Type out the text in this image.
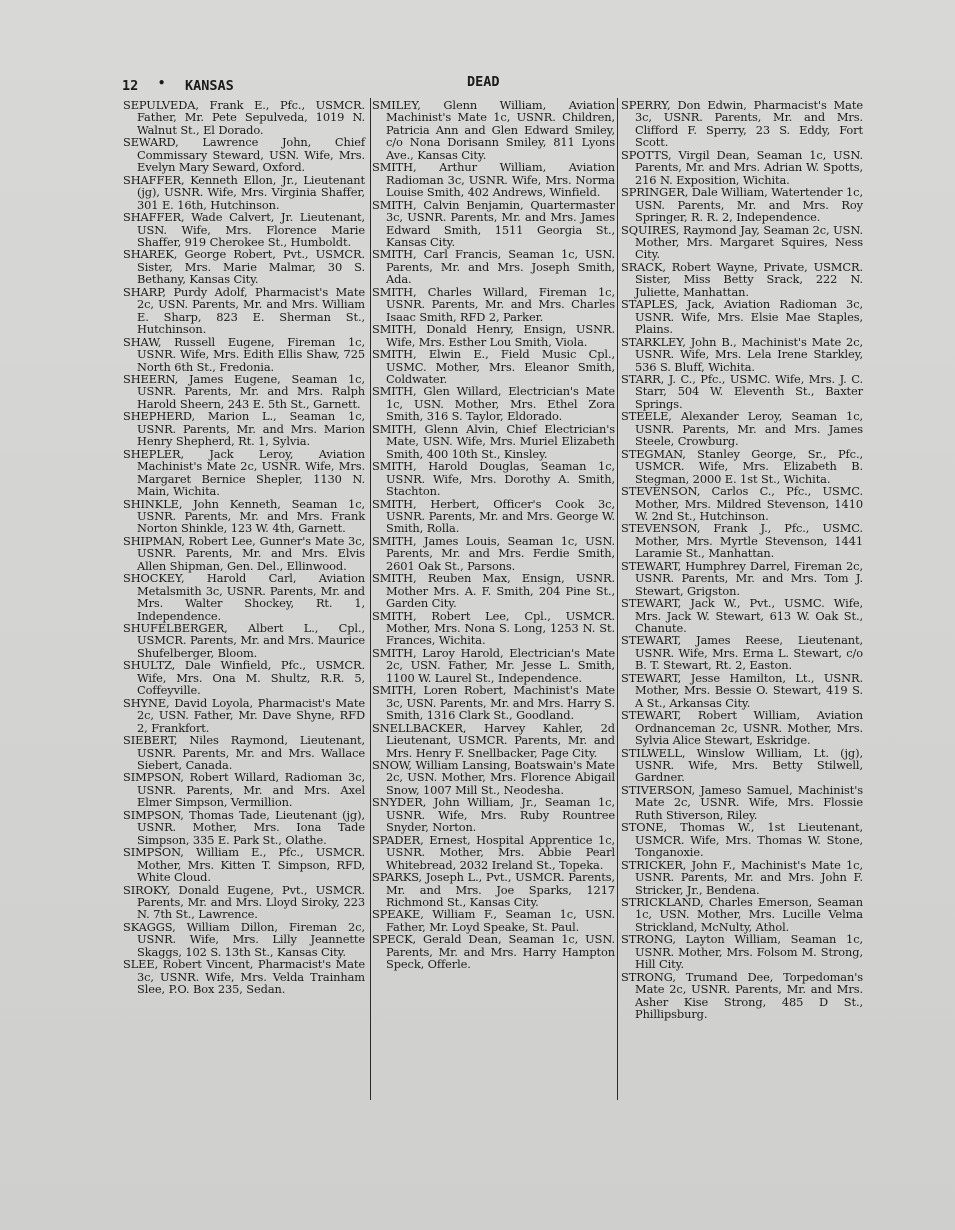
12 • KANSAS	DEAD

SEPULVEDA, Frank E., Pfc., USMCR. Father, Mr. Pete Sepulveda, 1019 N. Walnut St., El Dorado.

SEWARD, Lawrence John, Chief Commissary Steward, USN. Wife, Mrs. Evelyn Mary Seward, Oxford.

SHAFFER, Kenneth Ellon, Jr., Lieutenant (jg), USNR. Wife, Mrs. Virginia Shaffer, 301 E. 16th, Hutchinson.

SHAFFER, Wade Calvert, Jr. Lieutenant, USN. Wife, Mrs. Florence Marie Shaffer, 919 Cherokee St., Humboldt.

SHAREK, George Robert, Pvt., USMCR. Sister, Mrs. Marie Malmar, 30 S. Bethany, Kansas City.

SHARP, Purdy Adolf, Pharmacist's Mate 2c, USN. Parents, Mr. and Mrs. William E. Sharp, 823 E. Sherman St., Hutchinson.

SHAW, Russell Eugene, Fireman 1c, USNR. Wife, Mrs. Edith Ellis Shaw, 725 North 6th St., Fredonia.

SHEERN, James Eugene, Seaman 1c, USNR. Parents, Mr. and Mrs. Ralph Harold Sheern, 243 E. 5th St., Garnett.

SHEPHERD, Marion L., Seaman 1c, USNR. Parents, Mr. and Mrs. Marion Henry Shepherd, Rt. 1, Sylvia.

SHEPLER, Jack Leroy, Aviation Machinist's Mate 2c, USNR. Wife, Mrs. Margaret Bernice Shepler, 1130 N. Main, Wichita.

SHINKLE, John Kenneth, Seaman 1c, USNR. Parents, Mr. and Mrs. Frank Norton Shinkle, 123 W. 4th, Garnett.

SHIPMAN, Robert Lee, Gunner's Mate 3c, USNR. Parents, Mr. and Mrs. Elvis Allen Shipman, Gen. Del., Ellinwood.

SHOCKEY, Harold Carl, Aviation Metalsmith 3c, USNR. Parents, Mr. and Mrs. Walter Shockey, Rt. 1, Independence.

SHUFELBERGER, Albert L., Cpl., USMCR. Parents, Mr. and Mrs. Maurice Shufelberger, Bloom.

SHULTZ, Dale Winfield, Pfc., USMCR. Wife, Mrs. Ona M. Shultz, R.R. 5, Coffeyville.

SHYNE, David Loyola, Pharmacist's Mate 2c, USN. Father, Mr. Dave Shyne, RFD 2, Frankfort.

SIEBERT, Niles Raymond, Lieutenant, USNR. Parents, Mr. and Mrs. Wallace Siebert, Canada.

SIMPSON, Robert Willard, Radioman 3c, USNR. Parents, Mr. and Mrs. Axel Elmer Simpson, Vermillion.

SIMPSON, Thomas Tade, Lieutenant (jg), USNR. Mother, Mrs. Iona Tade Simpson, 335 E. Park St., Olathe.

SIMPSON, William E., Pfc., USMCR. Mother, Mrs. Kitten T. Simpson, RFD, White Cloud.

SIROKY, Donald Eugene, Pvt., USMCR. Parents, Mr. and Mrs. Lloyd Siroky, 223 N. 7th St., Lawrence.

SKAGGS, William Dillon, Fireman 2c, USNR. Wife, Mrs. Lilly Jeannette Skaggs, 102 S. 13th St., Kansas City.

SLEE, Robert Vincent, Pharmacist's Mate 3c, USNR. Wife, Mrs. Velda Trainham Slee, P.O. Box 235, Sedan.

SMILEY, Glenn William, Aviation Machinist's Mate 1c, USNR. Children, Patricia Ann and Glen Edward Smiley, c/o Nona Dorisann Smiley, 811 Lyons Ave., Kansas City.

SMITH, Arthur William, Aviation Radioman 3c, USNR. Wife, Mrs. Norma Louise Smith, 402 Andrews, Winfield.

SMITH, Calvin Benjamin, Quartermaster 3c, USNR. Parents, Mr. and Mrs. James Edward Smith, 1511 Georgia St., Kansas City.

SMITH, Carl Francis, Seaman 1c, USN. Parents, Mr. and Mrs. Joseph Smith, Ada.

SMITH, Charles Willard, Fireman 1c, USNR. Parents, Mr. and Mrs. Charles Isaac Smith, RFD 2, Parker.

SMITH, Donald Henry, Ensign, USNR. Wife, Mrs. Esther Lou Smith, Viola.

SMITH, Elwin E., Field Music Cpl., USMC. Mother, Mrs. Eleanor Smith, Coldwater.

SMITH, Glen Willard, Electrician's Mate 1c, USN. Mother, Mrs. Ethel Zora Smith, 316 S. Taylor, Eldorado.

SMITH, Glenn Alvin, Chief Electrician's Mate, USN. Wife, Mrs. Muriel Elizabeth Smith, 400 10th St., Kinsley.

SMITH, Harold Douglas, Seaman 1c, USNR. Wife, Mrs. Dorothy A. Smith, Stachton.

SMITH, Herbert, Officer's Cook 3c, USNR. Parents, Mr. and Mrs. George W. Smith, Rolla.

SMITH, James Louis, Seaman 1c, USN. Parents, Mr. and Mrs. Ferdie Smith, 2601 Oak St., Parsons.

SMITH, Reuben Max, Ensign, USNR. Mother Mrs. A. F. Smith, 204 Pine St., Garden City.

SMITH, Robert Lee, Cpl., USMCR. Mother, Mrs. Nona S. Long, 1253 N. St. Frances, Wichita.

SMITH, Laroy Harold, Electrician's Mate 2c, USN. Father, Mr. Jesse L. Smith, 1100 W. Laurel St., Independence.

SMITH, Loren Robert, Machinist's Mate 3c, USN. Parents, Mr. and Mrs. Harry S. Smith, 1316 Clark St., Goodland.

SNELLBACKER, Harvey Kahler, 2d Lieutenant, USMCR. Parents, Mr. and Mrs. Henry F. Snellbacker, Page City.

SNOW, William Lansing, Boatswain's Mate 2c, USN. Mother, Mrs. Florence Abigail Snow, 1007 Mill St., Neodesha.

SNYDER, John William, Jr., Seaman 1c, USNR. Wife, Mrs. Ruby Rountree Snyder, Norton.

SPADER, Ernest, Hospital Apprentice 1c, USNR. Mother, Mrs. Abbie Pearl Whitebread, 2032 Ireland St., Topeka.

SPARKS, Joseph L., Pvt., USMCR. Parents, Mr. and Mrs. Joe Sparks, 1217 Richmond St., Kansas City.

SPEAKE, William F., Seaman 1c, USN. Father, Mr. Loyd Speake, St. Paul.

SPECK, Gerald Dean, Seaman 1c, USN. Parents, Mr. and Mrs. Harry Hampton Speck, Offerle.

SPERRY, Don Edwin, Pharmacist's Mate 3c, USNR. Parents, Mr. and Mrs. Clifford F. Sperry, 23 S. Eddy, Fort Scott.

SPOTTS, Virgil Dean, Seaman 1c, USN. Parents, Mr. and Mrs. Adrian W. Spotts, 216 N. Exposition, Wichita.

SPRINGER, Dale William, Watertender 1c, USN. Parents, Mr. and Mrs. Roy Springer, R. R. 2, Independence.

SQUIRES, Raymond Jay, Seaman 2c, USN. Mother, Mrs. Margaret Squires, Ness City.

SRACK, Robert Wayne, Private, USMCR. Sister, Miss Betty Srack, 222 N. Juliette, Manhattan.

STAPLES, Jack, Aviation Radioman 3c, USNR. Wife, Mrs. Elsie Mae Staples, Plains.

STARKLEY, John B., Machinist's Mate 2c, USNR. Wife, Mrs. Lela Irene Starkley, 536 S. Bluff, Wichita.

STARR, J. C., Pfc., USMC. Wife, Mrs. J. C. Starr, 504 W. Eleventh St., Baxter Springs.

STEELE, Alexander Leroy, Seaman 1c, USNR. Parents, Mr. and Mrs. James Steele, Crowburg.

STEGMAN, Stanley George, Sr., Pfc., USMCR. Wife, Mrs. Elizabeth B. Stegman, 2000 E. 1st St., Wichita.

STEVENSON, Carlos C., Pfc., USMC. Mother, Mrs. Mildred Stevenson, 1410 W. 2nd St., Hutchinson.

STEVENSON, Frank J., Pfc., USMC. Mother, Mrs. Myrtle Stevenson, 1441 Laramie St., Manhattan.

STEWART, Humphrey Darrel, Fireman 2c, USNR. Parents, Mr. and Mrs. Tom J. Stewart, Grigston.

STEWART, Jack W., Pvt., USMC. Wife, Mrs. Jack W. Stewart, 613 W. Oak St., Chanute.

STEWART, James Reese, Lieutenant, USNR. Wife, Mrs. Erma L. Stewart, c/o B. T. Stewart, Rt. 2, Easton.

STEWART, Jesse Hamilton, Lt., USNR. Mother, Mrs. Bessie O. Stewart, 419 S. A St., Arkansas City.

STEWART, Robert William, Aviation Ordnanceman 2c, USNR. Mother, Mrs. Sylvia Alice Stewart, Eskridge.

STILWELL, Winslow William, Lt. (jg), USNR. Wife, Mrs. Betty Stilwell, Gardner.

STIVERSON, Jameso Samuel, Machinist's Mate 2c, USNR. Wife, Mrs. Flossie Ruth Stiverson, Riley.

STONE, Thomas W., 1st Lieutenant, USMCR. Wife, Mrs. Thomas W. Stone, Tonganoxie.

STRICKER, John F., Machinist's Mate 1c, USNR. Parents, Mr. and Mrs. John F. Stricker, Jr., Bendena.

STRICKLAND, Charles Emerson, Seaman 1c, USN. Mother, Mrs. Lucille Velma Strickland, McNulty, Athol.

STRONG, Layton William, Seaman 1c, USNR. Mother, Mrs. Folsom M. Strong, Hill City.

STRONG, Trumand Dee, Torpedoman's Mate 2c, USNR. Parents, Mr. and Mrs. Asher Kise Strong, 485 D St., Phillipsburg.
